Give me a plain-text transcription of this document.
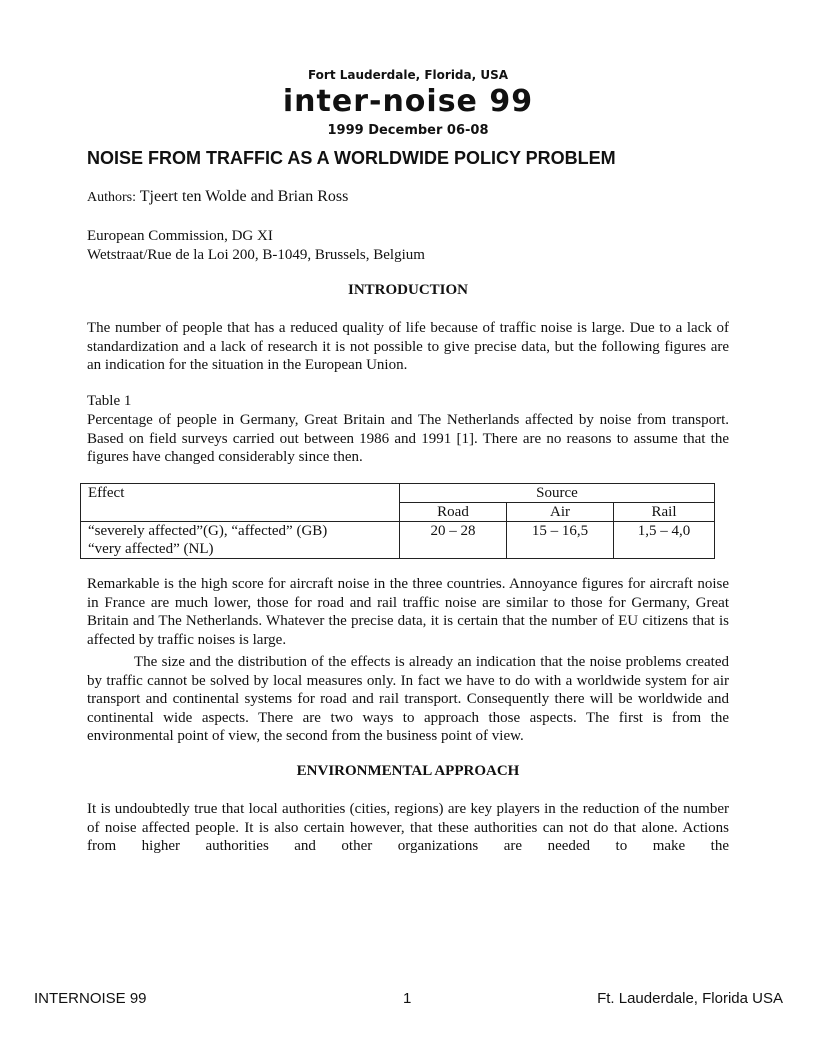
Fort Lauderdale, Florida, USA
inter-noise 99
1999 December 06-08
NOISE FROM TRAFFIC AS A WORLDWIDE POLICY PROBLEM
Authors: Tjeert ten Wolde and Brian Ross
European Commission, DG XI
Wetstraat/Rue de la Loi 200, B-1049, Brussels, Belgium
INTRODUCTION

The number of people that has a reduced quality of life because of traffic noise is large. Due to a lack of standardization and a lack of research it is not possible to give precise data, but the following figures are an indication for the situation in the European Union.

Table 1

Percentage of people in Germany, Great Britain and The Netherlands affected by noise from transport. Based on field surveys carried out between 1986 and 1991 [1]. There are no reasons to assume that the figures have changed considerably since then.

Effect	Source		
	Road	Air	Rail

“severely affected”(G), “affected” (GB)
“very affected” (NL)	20 – 28	15 – 16,5	1,5 – 4,0

Remarkable is the high score for aircraft noise in the three countries. Annoyance figures for aircraft noise in France are much lower, those for road and rail traffic noise are similar to those for Germany, Great Britain and The Netherlands. Whatever the precise data, it is certain that the number of EU citizens that is affected by traffic noises is large.

The size and the distribution of the effects is already an indication that the noise problems created by traffic cannot be solved by local measures only. In fact we have to do with a worldwide system for air transport and continental systems for road and rail transport. Consequently there will be worldwide and continental wide aspects. There are two ways to approach those aspects. The first is from the environmental point of view, the second from the business point of view.

ENVIRONMENTAL APPROACH

It is undoubtedly true that local authorities (cities, regions) are key players in the reduction of the number of noise affected people. It is also certain however, that these authorities can not do that alone. Actions from higher authorities and other organizations are needed to make the

INTERNOISE 99	1	Ft. Lauderdale, Florida USA
